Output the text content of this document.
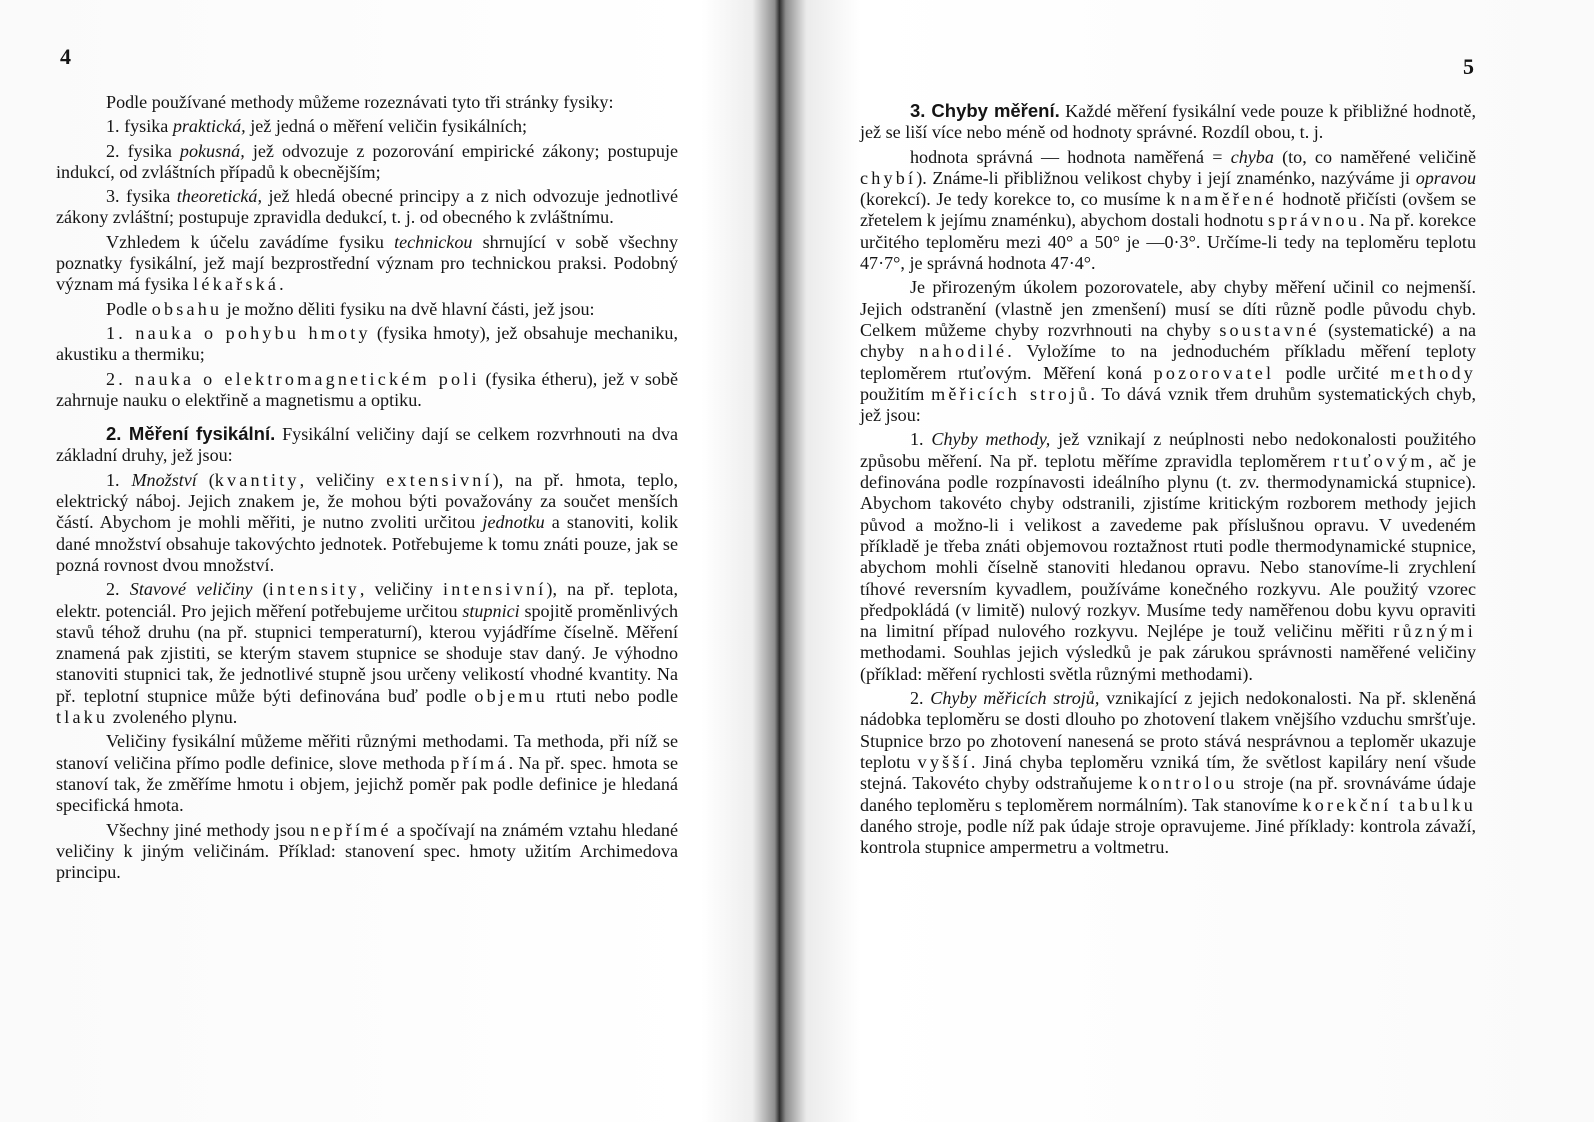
4

Podle používané methody můžeme rozeznávati tyto tři stránky fysiky:

1. fysika praktická, jež jedná o měření veličin fysikálních;

2. fysika pokusná, jež odvozuje z pozorování empirické zákony; postupuje indukcí, od zvláštních případů k obecnějším;

3. fysika theoretická, jež hledá obecné principy a z nich odvozuje jednotlivé zákony zvláštní; postupuje zpravidla dedukcí, t. j. od obecného k zvláštnímu.

Vzhledem k účelu zavádíme fysiku technickou shrnující v sobě všechny poznatky fysikální, jež mají bezprostřední význam pro technickou praksi. Podobný význam má fysika lékařská.

Podle obsahu je možno děliti fysiku na dvě hlavní části, jež jsou:

1. nauka o pohybu hmoty (fysika hmoty), jež obsahuje mechaniku, akustiku a thermiku;

2. nauka o elektromagnetickém poli (fysika étheru), jež v sobě zahrnuje nauku o elektřině a magnetismu a optiku.

2. Měření fysikální. Fysikální veličiny dají se celkem rozvrhnouti na dva základní druhy, jež jsou:

1. Množství (kvantity, veličiny extensivní), na př. hmota, teplo, elektrický náboj. Jejich znakem je, že mohou býti považovány za součet menších částí. Abychom je mohli měřiti, je nutno zvoliti určitou jednotku a stanoviti, kolik dané množství obsahuje takovýchto jednotek. Potřebujeme k tomu znáti pouze, jak se pozná rovnost dvou množství.

2. Stavové veličiny (intensity, veličiny intensivní), na př. teplota, elektr. potenciál. Pro jejich měření potřebujeme určitou stupnici spojitě proměnlivých stavů téhož druhu (na př. stupnici temperaturní), kterou vyjádříme číselně. Měření znamená pak zjistiti, se kterým stavem stupnice se shoduje stav daný. Je výhodno stanoviti stupnici tak, že jednotlivé stupně jsou určeny velikostí vhodné kvantity. Na př. teplotní stupnice může býti definována buď podle objemu rtuti nebo podle tlaku zvoleného plynu.

Veličiny fysikální můžeme měřiti různými methodami. Ta methoda, při níž se stanoví veličina přímo podle definice, slove methoda přímá. Na př. spec. hmota se stanoví tak, že změříme hmotu i objem, jejichž poměr pak podle definice je hledaná specifická hmota.

Všechny jiné methody jsou nepřímé a spočívají na známém vztahu hledané veličiny k jiným veličinám. Příklad: stanovení spec. hmoty užitím Archimedova principu.

5

3. Chyby měření. Každé měření fysikální vede pouze k přibližné hodnotě, jež se liší více nebo méně od hodnoty správné. Rozdíl obou, t. j.

hodnota správná — hodnota naměřená = chyba (to, co naměřené veličině chybí). Známe-li přibližnou velikost chyby i její znaménko, nazýváme ji opravou (korekcí). Je tedy korekce to, co musíme k naměřené hodnotě přičísti (ovšem se zřetelem k jejímu znaménku), abychom dostali hodnotu správnou. Na př. korekce určitého teploměru mezi 40° a 50° je —0·3°. Určíme-li tedy na teploměru teplotu 47·7°, je správná hodnota 47·4°.

Je přirozeným úkolem pozorovatele, aby chyby měření učinil co nejmenší. Jejich odstranění (vlastně jen zmenšení) musí se díti různě podle původu chyb. Celkem můžeme chyby rozvrhnouti na chyby soustavné (systematické) a na chyby nahodilé. Vyložíme to na jednoduchém příkladu měření teploty teploměrem rtuťovým. Měření koná pozorovatel podle určité methody použitím měřicích strojů. To dává vznik třem druhům systematických chyb, jež jsou:

1. Chyby methody, jež vznikají z neúplnosti nebo nedokonalosti použitého způsobu měření. Na př. teplotu měříme zpravidla teploměrem rtuťovým, ač je definována podle rozpínavosti ideálního plynu (t. zv. thermodynamická stupnice). Abychom takovéto chyby odstranili, zjistíme kritickým rozborem methody jejich původ a možno-li i velikost a zavedeme pak příslušnou opravu. V uvedeném příkladě je třeba znáti objemovou roztažnost rtuti podle thermodynamické stupnice, abychom mohli číselně stanoviti hledanou opravu. Nebo stanovíme-li zrychlení tíhové reversním kyvadlem, používáme konečného rozkyvu. Ale použitý vzorec předpokládá (v limitě) nulový rozkyv. Musíme tedy naměřenou dobu kyvu opraviti na limitní případ nulového rozkyvu. Nejlépe je touž veličinu měřiti různými methodami. Souhlas jejich výsledků je pak zárukou správnosti naměřené veličiny (příklad: měření rychlosti světla různými methodami).

2. Chyby měřicích strojů, vznikající z jejich nedokonalosti. Na př. skleněná nádobka teploměru se dosti dlouho po zhotovení tlakem vnějšího vzduchu smršťuje. Stupnice brzo po zhotovení nanesená se proto stává nesprávnou a teploměr ukazuje teplotu vyšší. Jiná chyba teploměru vzniká tím, že světlost kapiláry není všude stejná. Takovéto chyby odstraňujeme kontrolou stroje (na př. srovnáváme údaje daného teploměru s teploměrem normálním). Tak stanovíme korekční tabulku daného stroje, podle níž pak údaje stroje opravujeme. Jiné příklady: kontrola závaží, kontrola stupnice ampermetru a voltmetru.
